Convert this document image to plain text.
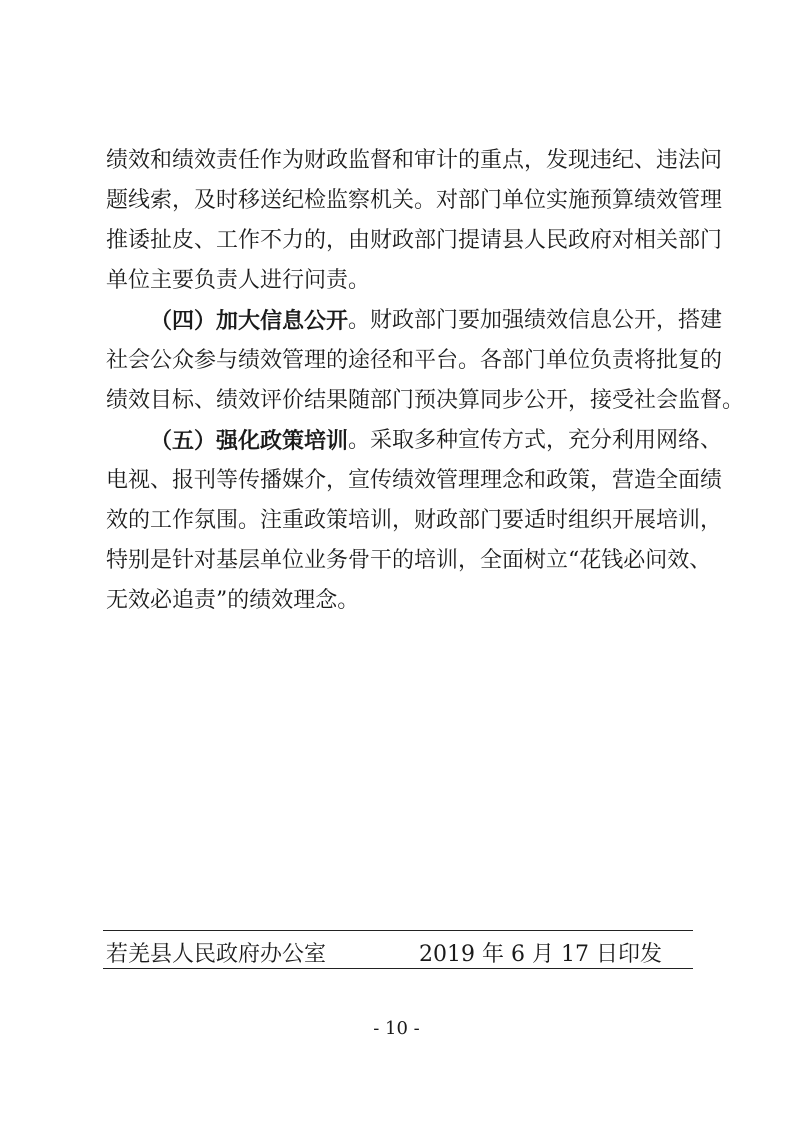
绩效和绩效责任作为财政监督和审计的重点，发现违纪、违法问
题线索，及时移送纪检监察机关。对部门单位实施预算绩效管理
推诿扯皮、工作不力的，由财政部门提请县人民政府对相关部门
单位主要负责人进行问责。
（四）加大信息公开 。财政部门要加强绩效信息公开，搭建
社会公众参与绩效管理的途径和平台。各部门单位负责将批复的
绩效目标、绩效评价结果随部门预决算同步公开，接受社会监督。
（五）强化政策培训 。采取多种宣传方式，充分利用网络、
电视、报刊等传播媒介，宣传绩效管理理念和政策，营造全面绩
效的工作氛围。注重政策培训，财政部门要适时组织开展培训，
特别是针对基层单位业务骨干的培训，全面树立“花钱必问效、
无效必追责”的绩效理念。
若羌县人民政府办公室	2019 年 6 月 17 日印发
- 10 -
